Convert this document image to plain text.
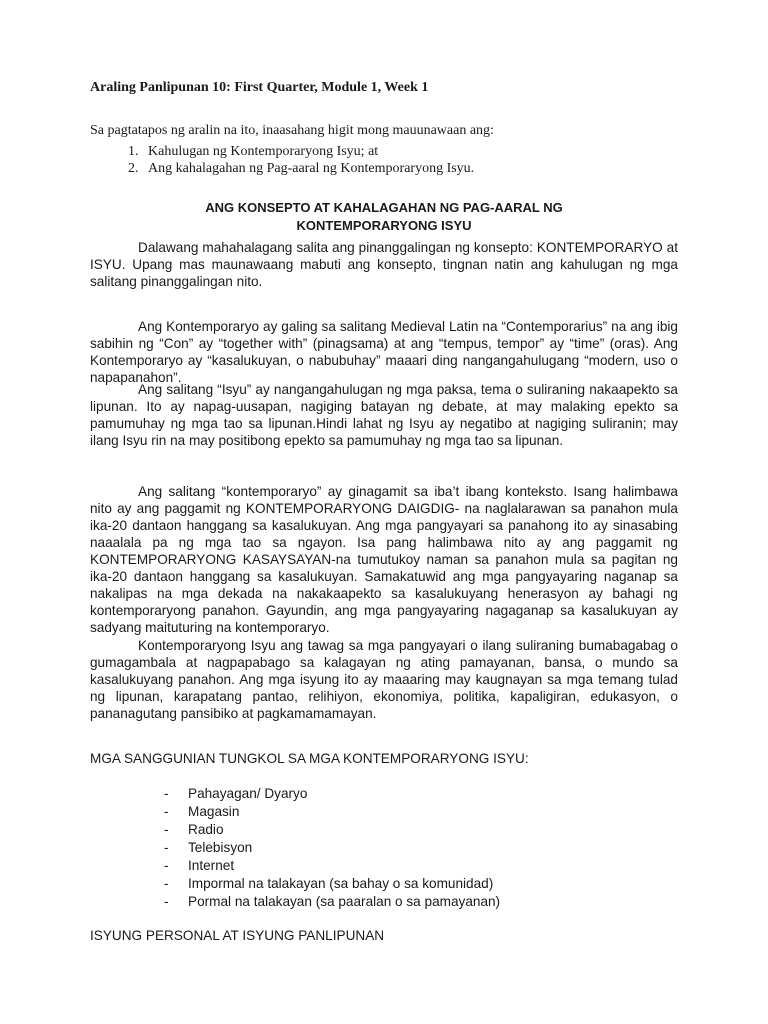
Araling Panlipunan 10: First Quarter, Module 1, Week 1
Sa pagtatapos ng aralin na ito, inaasahang higit mong mauunawaan ang:
1. Kahulugan ng Kontemporaryong Isyu; at
2. Ang kahalagahan ng Pag-aaral ng Kontemporaryong Isyu.
ANG KONSEPTO AT KAHALAGAHAN NG PAG-AARAL NG
KONTEMPORARYONG ISYU

Dalawang mahahalagang salita ang pinanggalingan ng konsepto: KONTEMPORARYO at ISYU. Upang mas maunawaang mabuti ang konsepto, tingnan natin ang kahulugan ng mga salitang pinanggalingan nito.

Ang Kontemporaryo ay galing sa salitang Medieval Latin na “Contemporarius” na ang ibig sabihin ng “Con” ay “together with” (pinagsama) at ang “tempus, tempor” ay “time” (oras). Ang Kontemporaryo ay “kasalukuyan, o nabubuhay” maaari ding nangangahulugang “modern, uso o napapanahon”.

Ang salitang “Isyu” ay nangangahulugan ng mga paksa, tema o suliraning nakaapekto sa lipunan. Ito ay napag-uusapan, nagiging batayan ng debate, at may malaking epekto sa pamumuhay ng mga tao sa lipunan.Hindi lahat ng Isyu ay negatibo at nagiging suliranin; may ilang Isyu rin na may positibong epekto sa pamumuhay ng mga tao sa lipunan.

Ang salitang “kontemporaryo” ay ginagamit sa iba’t ibang konteksto. Isang halimbawa nito ay ang paggamit ng KONTEMPORARYONG DAIGDIG- na naglalarawan sa panahon mula ika-20 dantaon hanggang sa kasalukuyan. Ang mga pangyayari sa panahong ito ay sinasabing naaalala pa ng mga tao sa ngayon. Isa pang halimbawa nito ay ang paggamit ng KONTEMPORARYONG KASAYSAYAN-na tumutukoy naman sa panahon mula sa pagitan ng ika-20 dantaon hanggang sa kasalukuyan. Samakatuwid ang mga pangyayaring naganap sa nakalipas na mga dekada na nakakaapekto sa kasalukuyang henerasyon ay bahagi ng kontemporaryong panahon. Gayundin, ang mga pangyayaring nagaganap sa kasalukuyan ay sadyang maituturing na kontemporaryo.

Kontemporaryong Isyu ang tawag sa mga pangyayari o ilang suliraning bumabagabag o gumagambala at nagpapabago sa kalagayan ng ating pamayanan, bansa, o mundo sa kasalukuyang panahon. Ang mga isyung ito ay maaaring may kaugnayan sa mga temang tulad ng lipunan, karapatang pantao, relihiyon, ekonomiya, politika, kapaligiran, edukasyon, o pananagutang pansibiko at pagkamamamayan.

MGA SANGGUNIAN TUNGKOL SA MGA KONTEMPORARYONG ISYU:
- Pahayagan/ Dyaryo
- Magasin
- Radio
- Telebisyon
- Internet
- Impormal na talakayan (sa bahay o sa komunidad)
- Pormal na talakayan (sa paaralan o sa pamayanan)
ISYUNG PERSONAL AT ISYUNG PANLIPUNAN
